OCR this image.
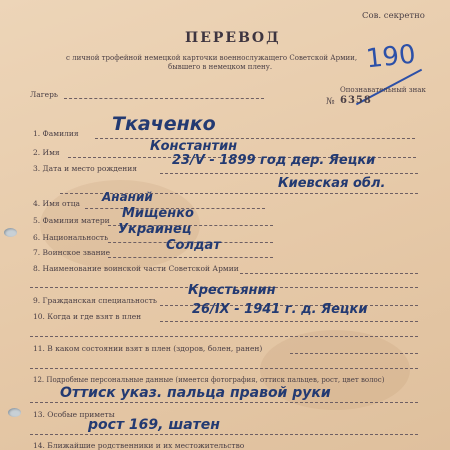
Сов. секретно
ПЕРЕВОД
с личной трофейной немецкой карточки военнослужащего Советской Армии,
бывшего в немецком плену.	190
Лагерь	Опознавательный знак
№ 6358
1. Фамилия Ткаченко
2. Имя	Константин
3. Дата и место рождения
23/V - 1899 год дер. Яецки
Киевская обл.
4. Имя отца Ананий
5. Фамилия матери Мищенко
6. Национальность
Украинец
7. Воинское звание	Солдат
8. Наименование воинской части Советской Армии
9. Гражданская специальность
Крестьянин
10. Когда и где взят в плен	26/IX - 1941 г. д. Яецки
11. В каком состоянии взят в плен (здоров, болен, ранен)
12. Подробные персональные данные (имеется фотография, оттиск пальцев, рост, цвет волос)
Оттиск указ. пальца правой руки
13. Особые приметы
рост 169, шатен
14. Ближайшие родственники и их местожительство
